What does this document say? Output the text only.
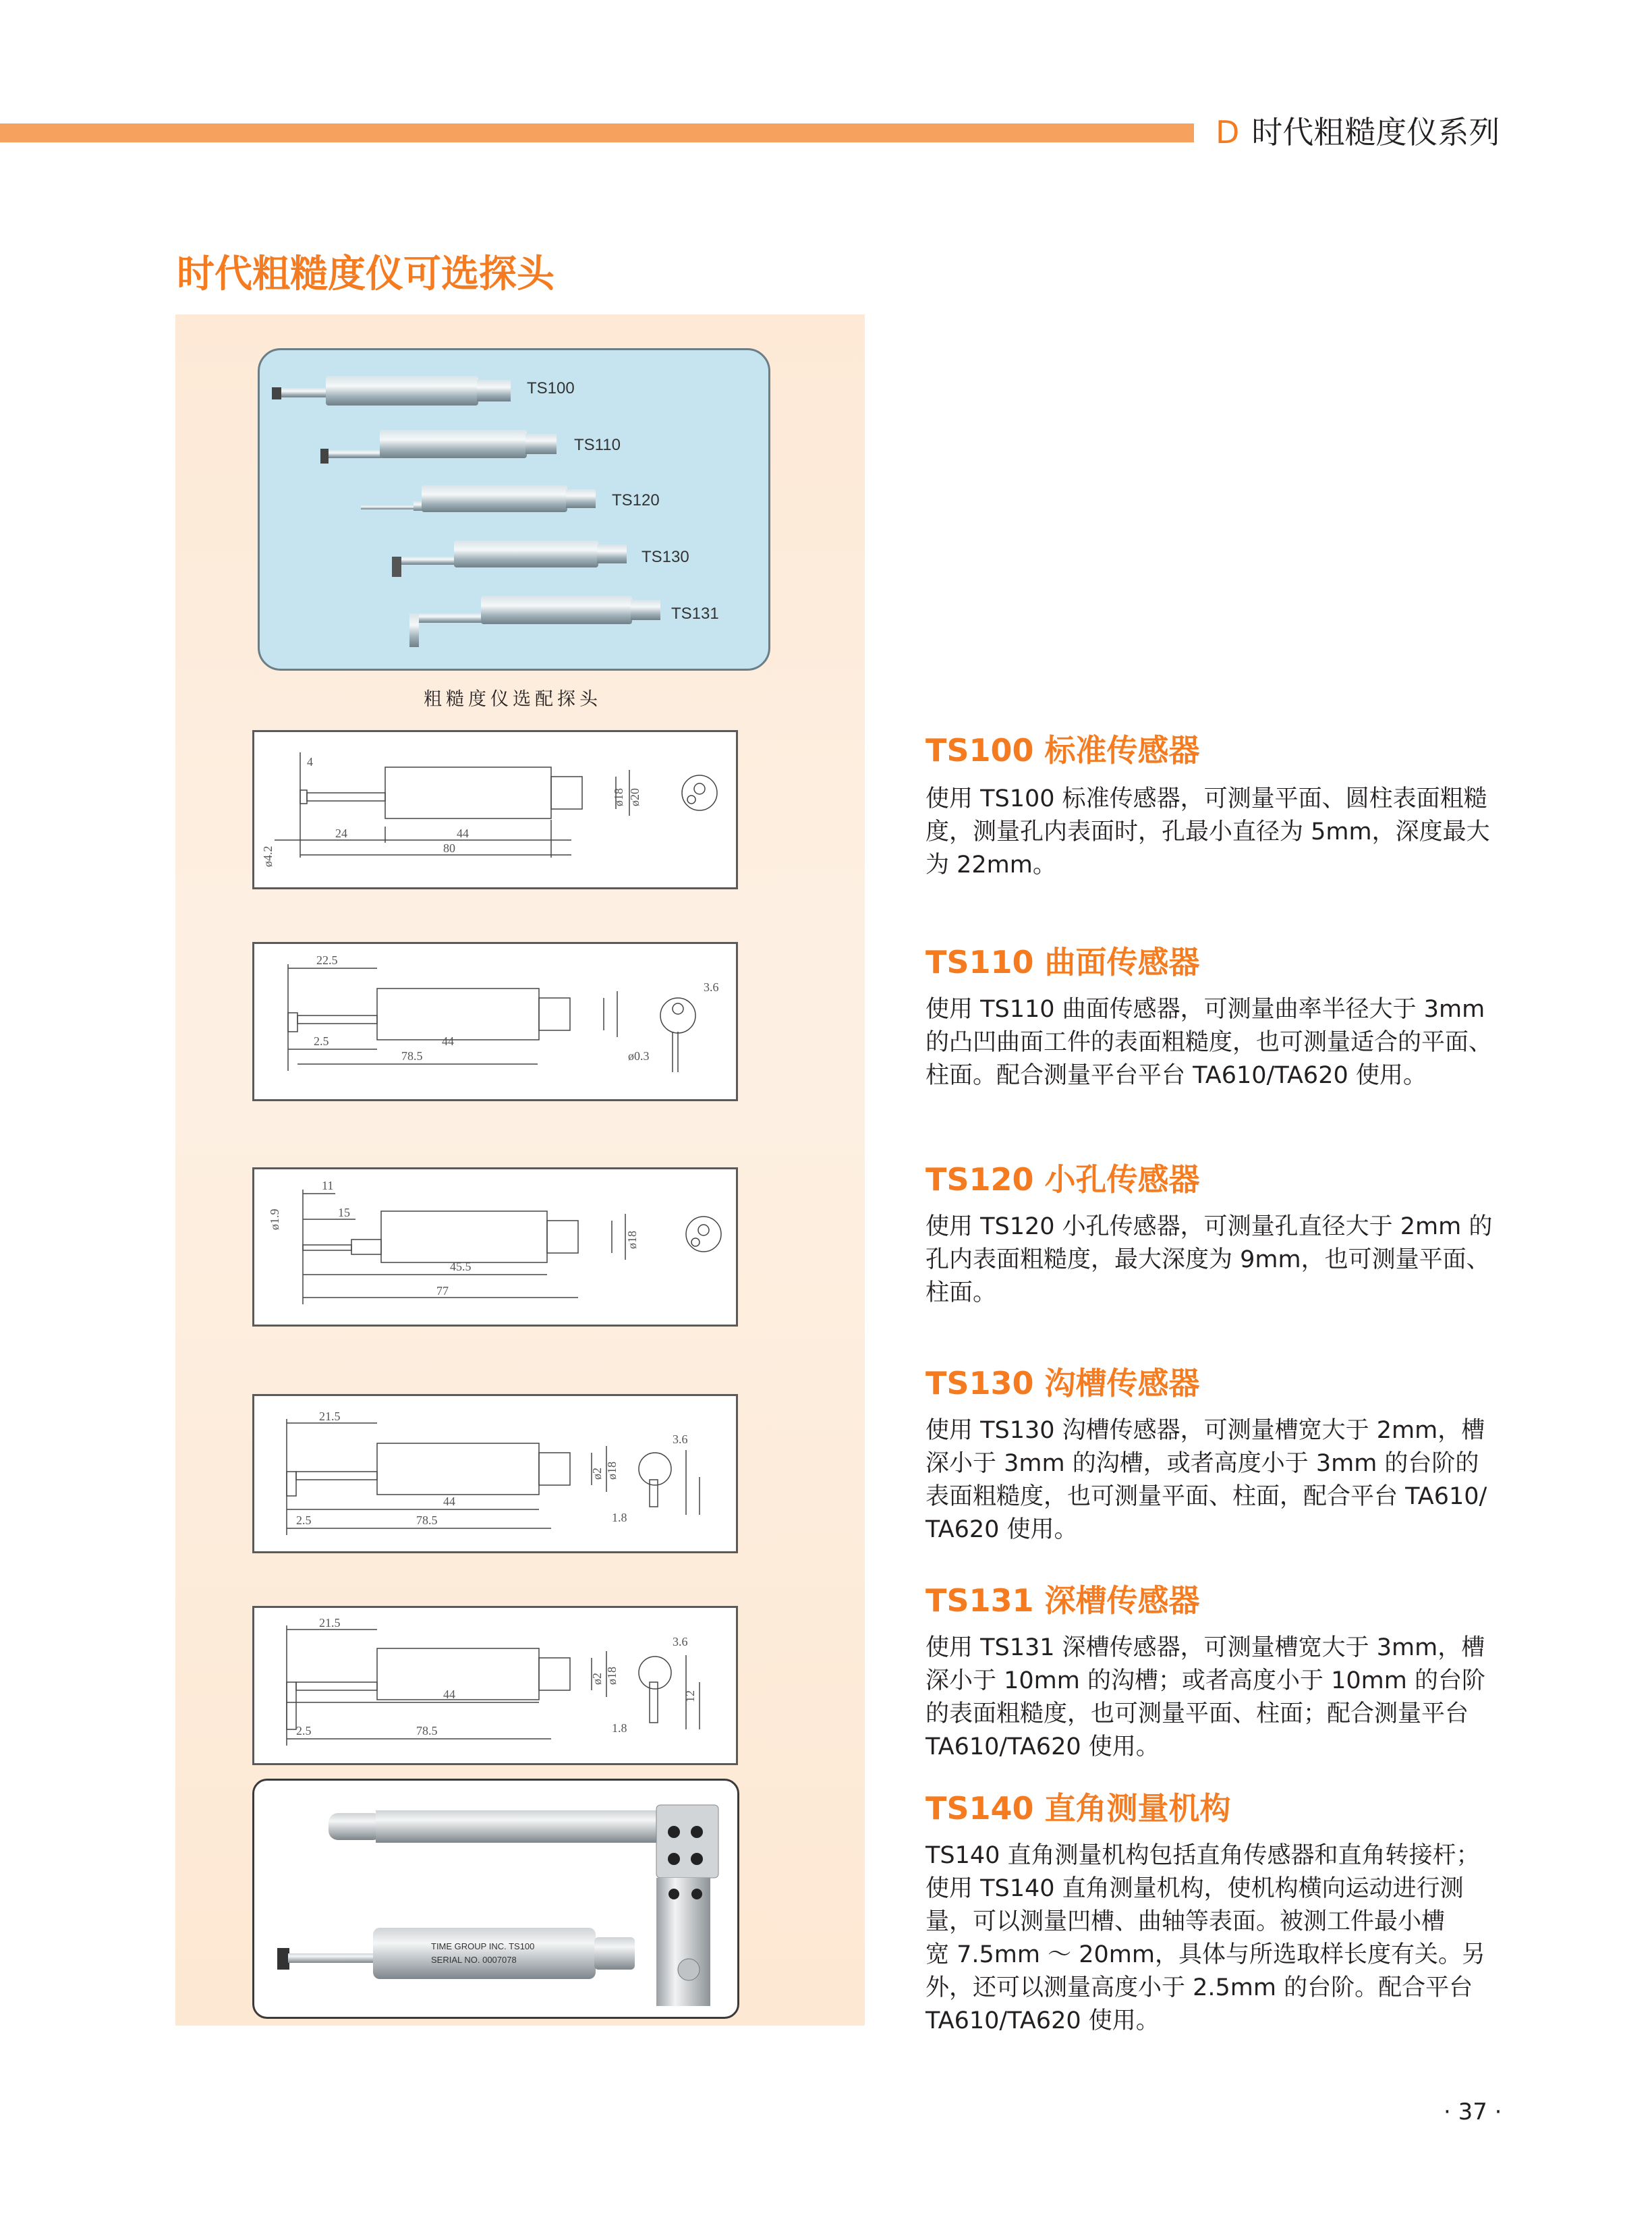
D 时代粗糙度仪系列
时代粗糙度仪可选探头
TS100
TS110
TS120
TS130
TS131
粗糙度仪选配探头
4
24	44
80
ø4.2
ø18 ø20
22.5
2.5	44
78.5
3.6
ø0.3
11
15
45.5
77
ø1.9
ø18
21.5
44
2.5	78.5	1.8
3.6
ø2 ø18
21.5
44
2.5	78.5	1.8
3.6
12
ø2 ø18
TIME GROUP INC. TS100
SERIAL NO. 0007078
TS100 标准传感器
使用 TS100 标准传感器，可测量平面、圆柱表面粗糙
度，测量孔内表面时，孔最小直径为 5mm，深度最大
为 22mm。
TS110 曲面传感器
使用 TS110 曲面传感器，可测量曲率半径大于 3mm
的凸凹曲面工件的表面粗糙度，也可测量适合的平面、
柱面。配合测量平台平台 TA610/TA620 使用。
TS120 小孔传感器
使用 TS120 小孔传感器，可测量孔直径大于 2mm 的
孔内表面粗糙度，最大深度为 9mm，也可测量平面、
柱面。
TS130 沟槽传感器
使用 TS130 沟槽传感器，可测量槽宽大于 2mm，槽
深小于 3mm 的沟槽，或者高度小于 3mm 的台阶的
表面粗糙度，也可测量平面、柱面，配合平台 TA610/
TA620 使用。
TS131 深槽传感器
使用 TS131 深槽传感器，可测量槽宽大于 3mm，槽
深小于 10mm 的沟槽；或者高度小于 10mm 的台阶
的表面粗糙度，也可测量平面、柱面；配合测量平台
TA610/TA620 使用。
TS140 直角测量机构
TS140 直角测量机构包括直角传感器和直角转接杆；
使用 TS140 直角测量机构，使机构横向运动进行测
量，可以测量凹槽、曲轴等表面。被测工件最小槽
宽 7.5mm ～ 20mm，具体与所选取样长度有关。另
外，还可以测量高度小于 2.5mm 的台阶。配合平台
TA610/TA620 使用。
· 37 ·
